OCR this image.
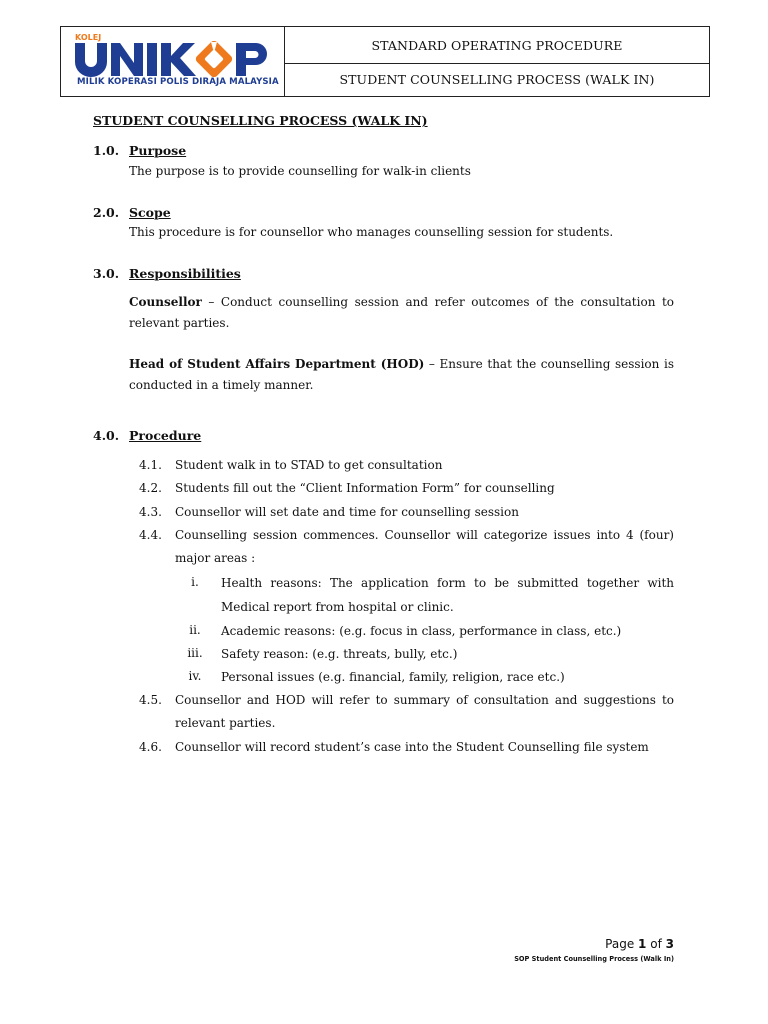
KOLEJ
MILIK KOPERASI POLIS DIRAJA MALAYSIA
STANDARD OPERATING PROCEDURE
STUDENT COUNSELLING PROCESS (WALK IN)
STUDENT COUNSELLING PROCESS (WALK IN)
1.0. Purpose
The purpose is to provide counselling for walk-in clients
2.0. Scope
This procedure is for counsellor who manages counselling session for students.
3.0. Responsibilities
Counsellor – Conduct counselling session and refer outcomes of the consultation to relevant parties.
Head of Student Affairs Department (HOD) – Ensure that the counselling session is conducted in a timely manner.
4.0. Procedure
4.1. Student walk in to STAD to get consultation
4.2. Students fill out the “Client Information Form” for counselling
4.3. Counsellor will set date and time for counselling session
4.4. Counselling session commences. Counsellor will categorize issues into 4 (four) major areas :
i.	Health reasons: The application form to be submitted together with Medical report from hospital or clinic.
ii.	Academic reasons: (e.g. focus in class, performance in class, etc.)
iii.	Safety reason: (e.g. threats, bully, etc.)
iv.	Personal issues (e.g. financial, family, religion, race etc.)
4.5. Counsellor and HOD will refer to summary of consultation and suggestions to relevant parties.
4.6. Counsellor will record student’s case into the Student Counselling file system
Page 1 of 3
SOP Student Counselling Process (Walk In)
